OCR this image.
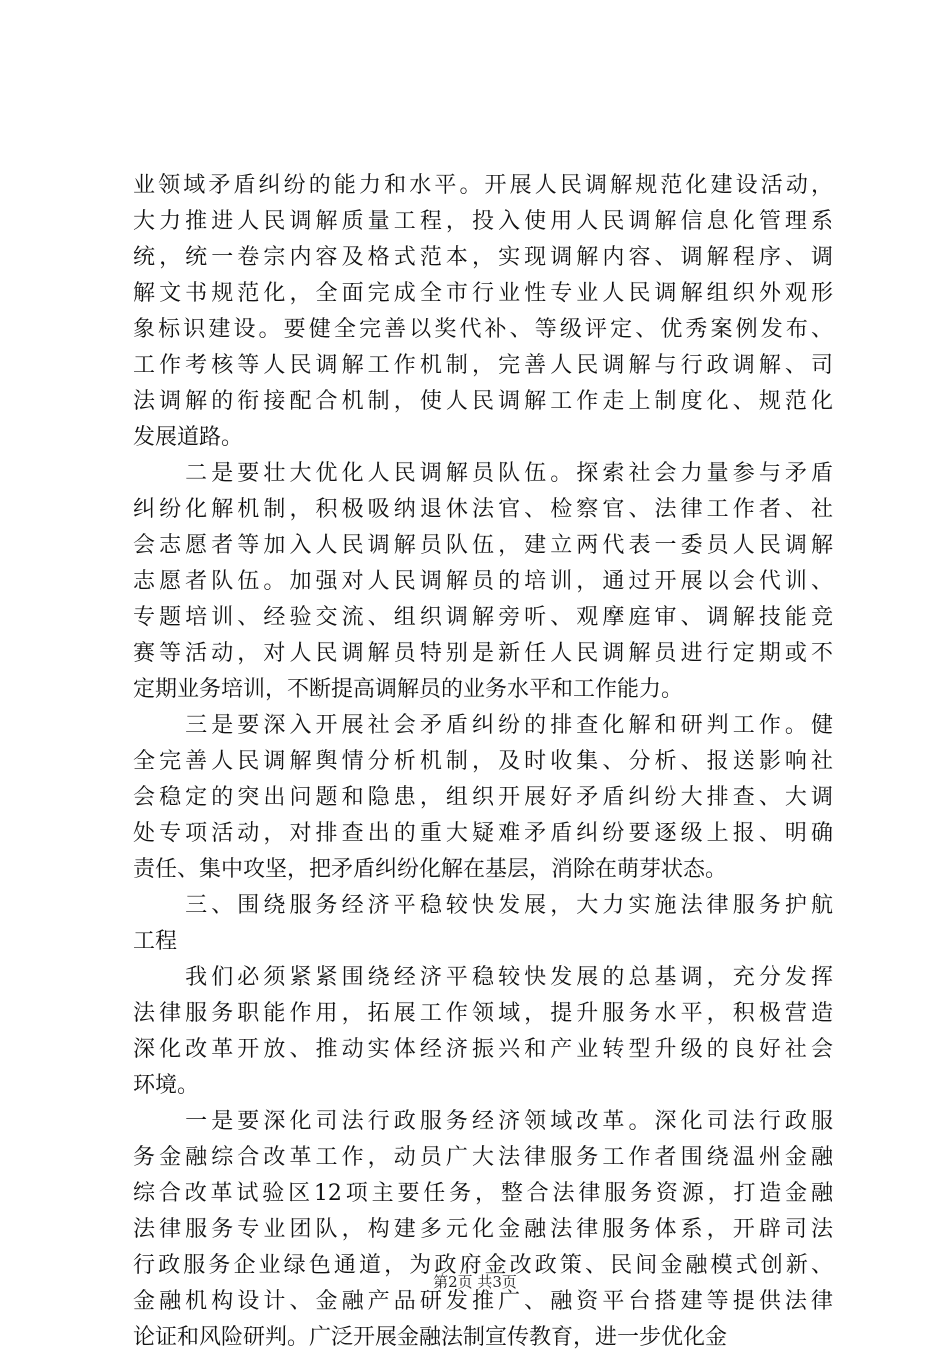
业领域矛盾纠纷的能力和水平。开展人民调解规范化建设活动，
大力推进人民调解质量工程，投入使用人民调解信息化管理系
统，统一卷宗内容及格式范本，实现调解内容、调解程序、调
解文书规范化，全面完成全市行业性专业人民调解组织外观形
象标识建设。要健全完善以奖代补、等级评定、优秀案例发布、
工作考核等人民调解工作机制，完善人民调解与行政调解、司
法调解的衔接配合机制，使人民调解工作走上制度化、规范化
发展道路。
　　二是要壮大优化人民调解员队伍。探索社会力量参与矛盾
纠纷化解机制，积极吸纳退休法官、检察官、法律工作者、社
会志愿者等加入人民调解员队伍，建立两代表一委员人民调解
志愿者队伍。加强对人民调解员的培训，通过开展以会代训、
专题培训、经验交流、组织调解旁听、观摩庭审、调解技能竞
赛等活动，对人民调解员特别是新任人民调解员进行定期或不
定期业务培训，不断提高调解员的业务水平和工作能力。
　　三是要深入开展社会矛盾纠纷的排查化解和研判工作。健
全完善人民调解舆情分析机制，及时收集、分析、报送影响社
会稳定的突出问题和隐患，组织开展好矛盾纠纷大排查、大调
处专项活动，对排查出的重大疑难矛盾纠纷要逐级上报、明确
责任、集中攻坚，把矛盾纠纷化解在基层，消除在萌芽状态。
　　三、围绕服务经济平稳较快发展，大力实施法律服务护航
工程
　　我们必须紧紧围绕经济平稳较快发展的总基调，充分发挥
法律服务职能作用，拓展工作领域，提升服务水平，积极营造
深化改革开放、推动实体经济振兴和产业转型升级的良好社会
环境。
　　一是要深化司法行政服务经济领域改革。深化司法行政服
务金融综合改革工作，动员广大法律服务工作者围绕温州金融
综合改革试验区12项主要任务，整合法律服务资源，打造金融
法律服务专业团队，构建多元化金融法律服务体系，开辟司法
行政服务企业绿色通道，为政府金改政策、民间金融模式创新、
金融机构设计、金融产品研发推广、融资平台搭建等提供法律
论证和风险研判。广泛开展金融法制宣传教育，进一步优化金
第2页 共3页
